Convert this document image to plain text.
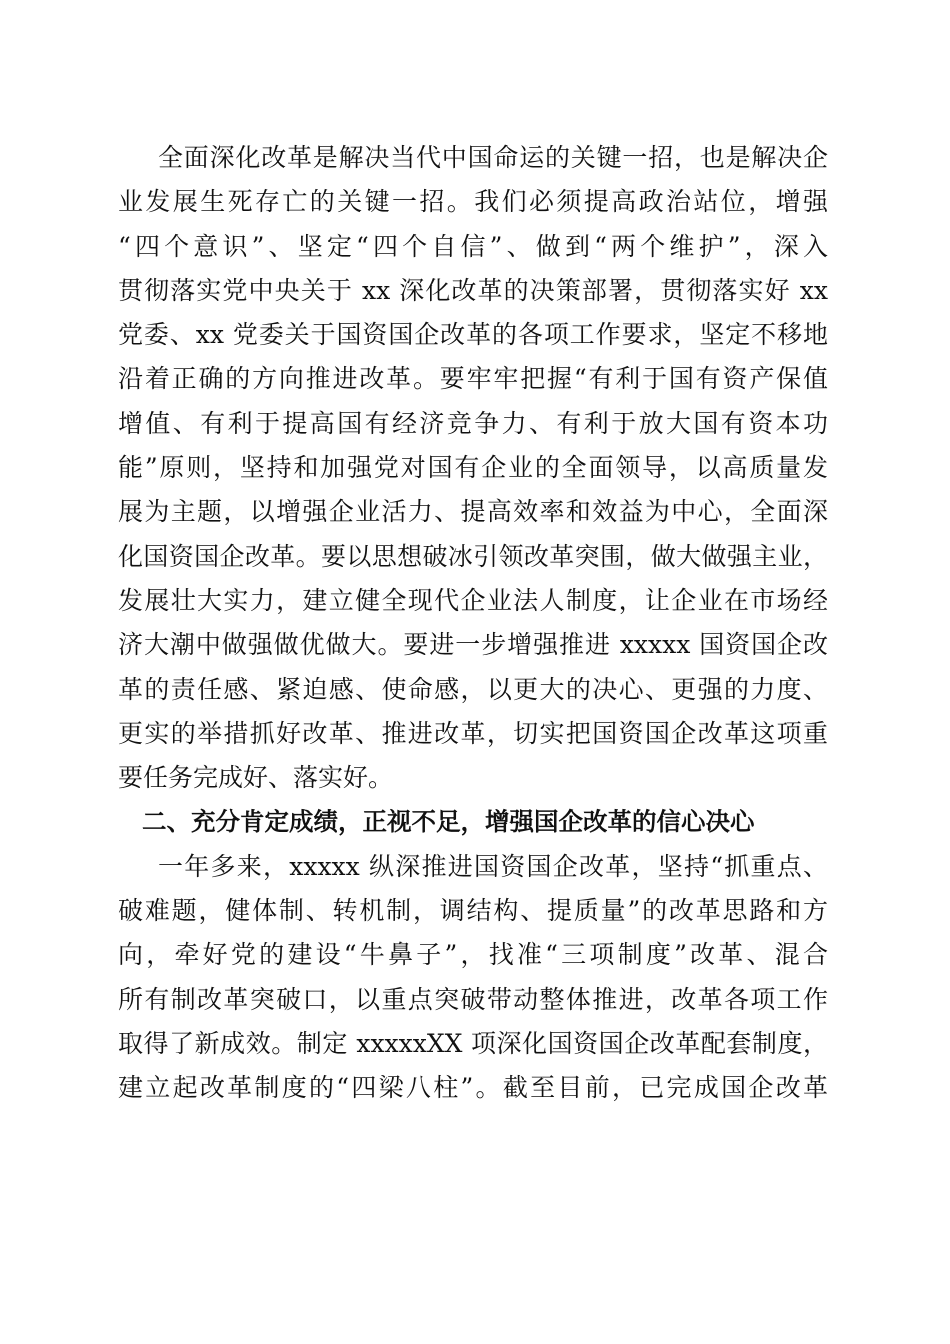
全面深化改革是解决当代中国命运的关键一招，也是解决企
业发展生死存亡的关键一招。我们必须提高政治站位，增强
“四个意识”、坚定“四个自信”、做到“两个维护”，深入
贯彻落实党中央关于 xx 深化改革的决策部署，贯彻落实好 xx
党委、xx 党委关于国资国企改革的各项工作要求，坚定不移地
沿着正确的方向推进改革。要牢牢把握“有利于国有资产保值
增值、有利于提高国有经济竞争力、有利于放大国有资本功
能”原则，坚持和加强党对国有企业的全面领导，以高质量发
展为主题，以增强企业活力、提高效率和效益为中心，全面深
化国资国企改革。要以思想破冰引领改革突围，做大做强主业，
发展壮大实力，建立健全现代企业法人制度，让企业在市场经
济大潮中做强做优做大。要进一步增强推进 xxxxx 国资国企改
革的责任感、紧迫感、使命感，以更大的决心、更强的力度、
更实的举措抓好改革、推进改革，切实把国资国企改革这项重
要任务完成好、落实好。
二、充分肯定成绩，正视不足，增强国企改革的信心决心
一年多来，xxxxx 纵深推进国资国企改革，坚持“抓重点、
破难题，健体制、转机制，调结构、提质量”的改革思路和方
向，牵好党的建设“牛鼻子”，找准“三项制度”改革、混合
所有制改革突破口，以重点突破带动整体推进，改革各项工作
取得了新成效。制定 xxxxxXX 项深化国资国企改革配套制度，
建立起改革制度的“四梁八柱”。截至目前，已完成国企改革
